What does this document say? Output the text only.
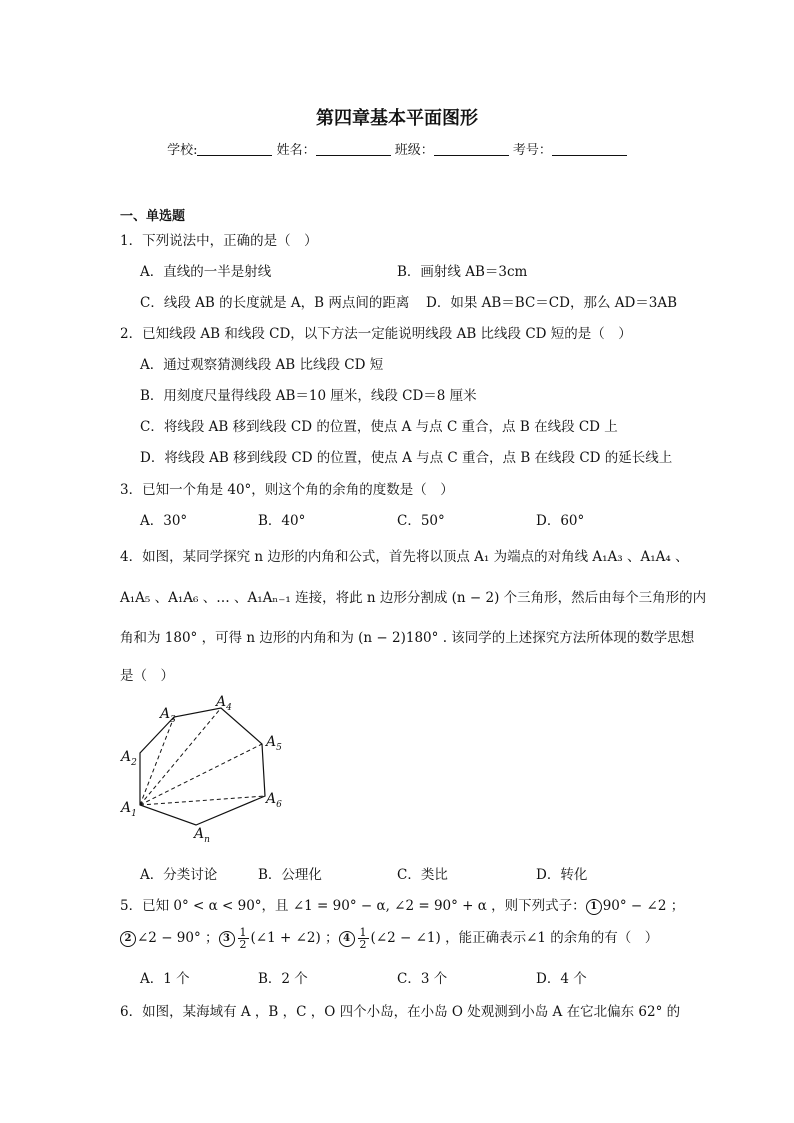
第四章基本平面图形
学校:	姓名：	班级：	考号：
一、单选题
1．下列说法中，正确的是（　）
A．直线的一半是射线	B．画射线 AB＝3cm
C．线段 AB 的长度就是 A，B 两点间的距离 D．如果 AB＝BC＝CD，那么 AD＝3AB
2．已知线段 AB 和线段 CD，以下方法一定能说明线段 AB 比线段 CD 短的是（　）
A．通过观察猜测线段 AB 比线段 CD 短
B．用刻度尺量得线段 AB＝10 厘米，线段 CD＝8 厘米
C．将线段 AB 移到线段 CD 的位置，使点 A 与点 C 重合，点 B 在线段 CD 上
D．将线段 AB 移到线段 CD 的位置，使点 A 与点 C 重合，点 B 在线段 CD 的延长线上
3．已知一个角是 40°，则这个角的余角的度数是（　）
A．30°	B．40°	C．50°	D．60°
4．如图，某同学探究 n 边形的内角和公式，首先将以顶点 A₁ 为端点的对角线 A₁A₃ 、A₁A₄ 、
A₁A₅ 、A₁A₆ 、… 、A₁Aₙ₋₁ 连接，将此 n 边形分割成 (n − 2) 个三角形，然后由每个三角形的内
角和为 180° ，可得 n 边形的内角和为 (n − 2)180° . 该同学的上述探究方法所体现的数学思想
是（　）
$A_1$
$A_2$
$A_3$
$A_4$
$A_5$
$A_6$
$A_n$
A．分类讨论	B．公理化	C．类比	D．转化
5．已知 0° < α < 90°，且 ∠1 = 90° − α, ∠2 = 90° + α ，则下列式子： 1 90° − ∠2 ；
2 ∠2 − 90° ； $3 \frac{1}{2}$ (∠1 + ∠2) ； $4 \frac{1}{2}$ (∠2 − ∠1) ，能正确表示∠1 的余角的有（　）
A．1 个	B．2 个	C．3 个	D．4 个
6．如图，某海域有 A ，B ，C ，O 四个小岛，在小岛 O 处观测到小岛 A 在它北偏东 62° 的
